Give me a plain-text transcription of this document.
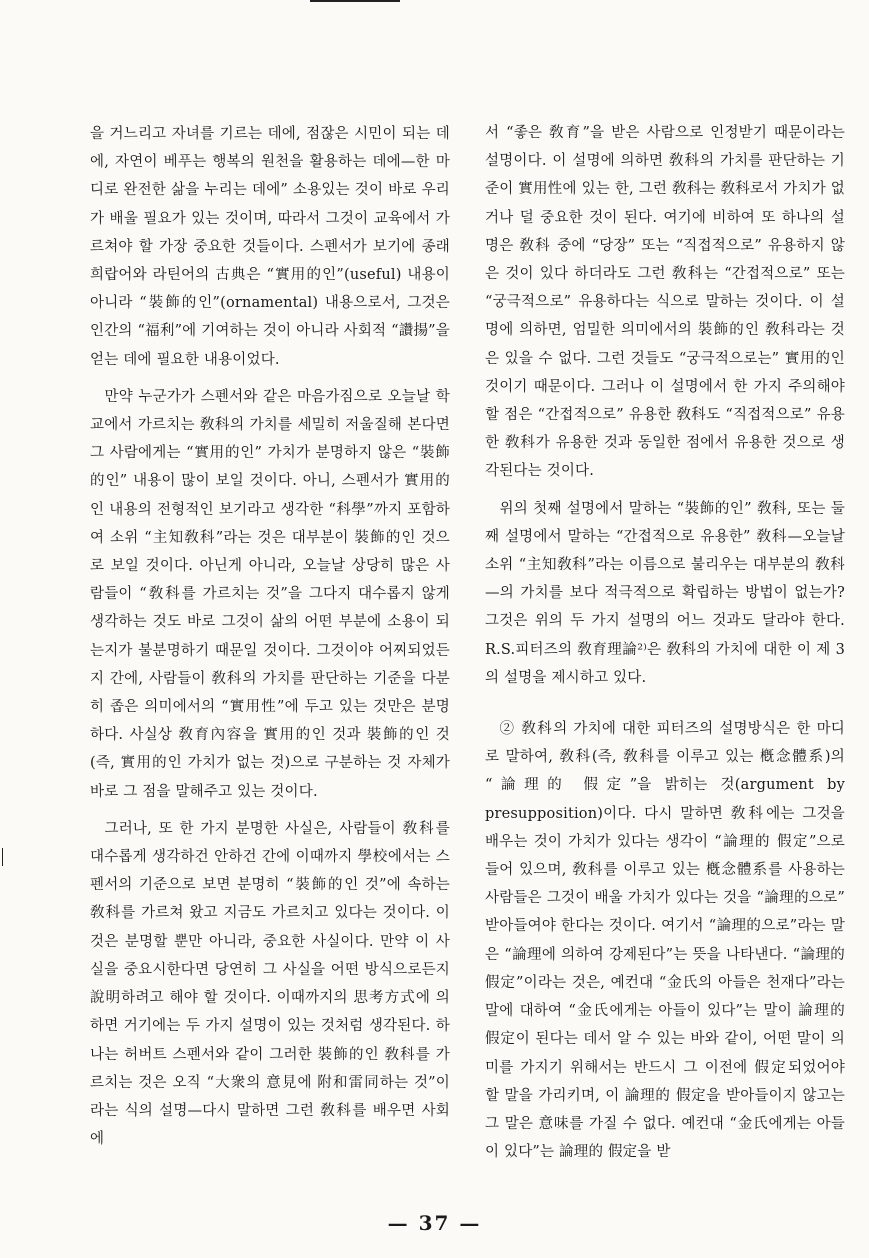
을 거느리고 자녀를 기르는 데에, 점잖은 시민이 되는 데에, 자연이 베푸는 행복의 원천을 활용하는 데에—한 마디로 완전한 삶을 누리는 데에” 소용있는 것이 바로 우리가 배울 필요가 있는 것이며, 따라서 그것이 교육에서 가르쳐야 할 가장 중요한 것들이다. 스펜서가 보기에 종래 희랍어와 라틴어의 古典은 “實用的인”(useful) 내용이 아니라 “裝飾的인”(ornamental) 내용으로서, 그것은 인간의 “福利”에 기여하는 것이 아니라 사회적 “讚揚”을 얻는 데에 필요한 내용이었다.

만약 누군가가 스펜서와 같은 마음가짐으로 오늘날 학교에서 가르치는 敎科의 가치를 세밀히 저울질해 본다면 그 사람에게는 “實用的인” 가치가 분명하지 않은 “裝飾的인” 내용이 많이 보일 것이다. 아니, 스펜서가 實用的인 내용의 전형적인 보기라고 생각한 “科學”까지 포함하여 소위 “主知敎科”라는 것은 대부분이 裝飾的인 것으로 보일 것이다. 아닌게 아니라, 오늘날 상당히 많은 사람들이 “敎科를 가르치는 것”을 그다지 대수롭지 않게 생각하는 것도 바로 그것이 삶의 어떤 부분에 소용이 되는지가 불분명하기 때문일 것이다. 그것이야 어찌되었든지 간에, 사람들이 敎科의 가치를 판단하는 기준을 다분히 좁은 의미에서의 “實用性”에 두고 있는 것만은 분명하다. 사실상 敎育內容을 實用的인 것과 裝飾的인 것(즉, 實用的인 가치가 없는 것)으로 구분하는 것 자체가 바로 그 점을 말해주고 있는 것이다.

그러나, 또 한 가지 분명한 사실은, 사람들이 敎科를 대수롭게 생각하건 안하건 간에 이때까지 學校에서는 스펜서의 기준으로 보면 분명히 “裝飾的인 것”에 속하는 敎科를 가르쳐 왔고 지금도 가르치고 있다는 것이다. 이것은 분명할 뿐만 아니라, 중요한 사실이다. 만약 이 사실을 중요시한다면 당연히 그 사실을 어떤 방식으로든지 說明하려고 해야 할 것이다. 이때까지의 思考方式에 의하면 거기에는 두 가지 설명이 있는 것처럼 생각된다. 하나는 허버트 스펜서와 같이 그러한 裝飾的인 敎科를 가르치는 것은 오직 “大衆의 意見에 附和雷同하는 것”이라는 식의 설명—다시 말하면 그런 敎科를 배우면 사회에

서 “좋은 敎育”을 받은 사람으로 인정받기 때문이라는 설명이다. 이 설명에 의하면 敎科의 가치를 판단하는 기준이 實用性에 있는 한, 그런 敎科는 敎科로서 가치가 없거나 덜 중요한 것이 된다. 여기에 비하여 또 하나의 설명은 敎科 중에 “당장” 또는 “직접적으로” 유용하지 않은 것이 있다 하더라도 그런 敎科는 “간접적으로” 또는 “궁극적으로” 유용하다는 식으로 말하는 것이다. 이 설명에 의하면, 엄밀한 의미에서의 裝飾的인 敎科라는 것은 있을 수 없다. 그런 것들도 “궁극적으로는” 實用的인 것이기 때문이다. 그러나 이 설명에서 한 가지 주의해야 할 점은 “간접적으로” 유용한 敎科도 “직접적으로” 유용한 敎科가 유용한 것과 동일한 점에서 유용한 것으로 생각된다는 것이다.

위의 첫째 설명에서 말하는 “裝飾的인” 敎科, 또는 둘째 설명에서 말하는 “간접적으로 유용한” 敎科—오늘날 소위 “主知敎科”라는 이름으로 불리우는 대부분의 敎科—의 가치를 보다 적극적으로 확립하는 방법이 없는가? 그것은 위의 두 가지 설명의 어느 것과도 달라야 한다. R.S.피터즈의 敎育理論²⁾은 敎科의 가치에 대한 이 제 3의 설명을 제시하고 있다.

② 敎科의 가치에 대한 피터즈의 설명방식은 한 마디로 말하여, 敎科(즉, 敎科를 이루고 있는 槪念體系)의 “論理的 假定”을 밝히는 것(argument by presupposition)이다. 다시 말하면 敎科에는 그것을 배우는 것이 가치가 있다는 생각이 “論理的 假定”으로 들어 있으며, 敎科를 이루고 있는 槪念體系를 사용하는 사람들은 그것이 배울 가치가 있다는 것을 “論理的으로” 받아들여야 한다는 것이다. 여기서 “論理的으로”라는 말은 “論理에 의하여 강제된다”는 뜻을 나타낸다. “論理的 假定”이라는 것은, 예컨대 “金氏의 아들은 천재다”라는 말에 대하여 “金氏에게는 아들이 있다”는 말이 論理的 假定이 된다는 데서 알 수 있는 바와 같이, 어떤 말이 의미를 가지기 위해서는 반드시 그 이전에 假定되었어야 할 말을 가리키며, 이 論理的 假定을 받아들이지 않고는 그 말은 意味를 가질 수 없다. 예컨대 “金氏에게는 아들이 있다”는 論理的 假定을 받

— 37 —
